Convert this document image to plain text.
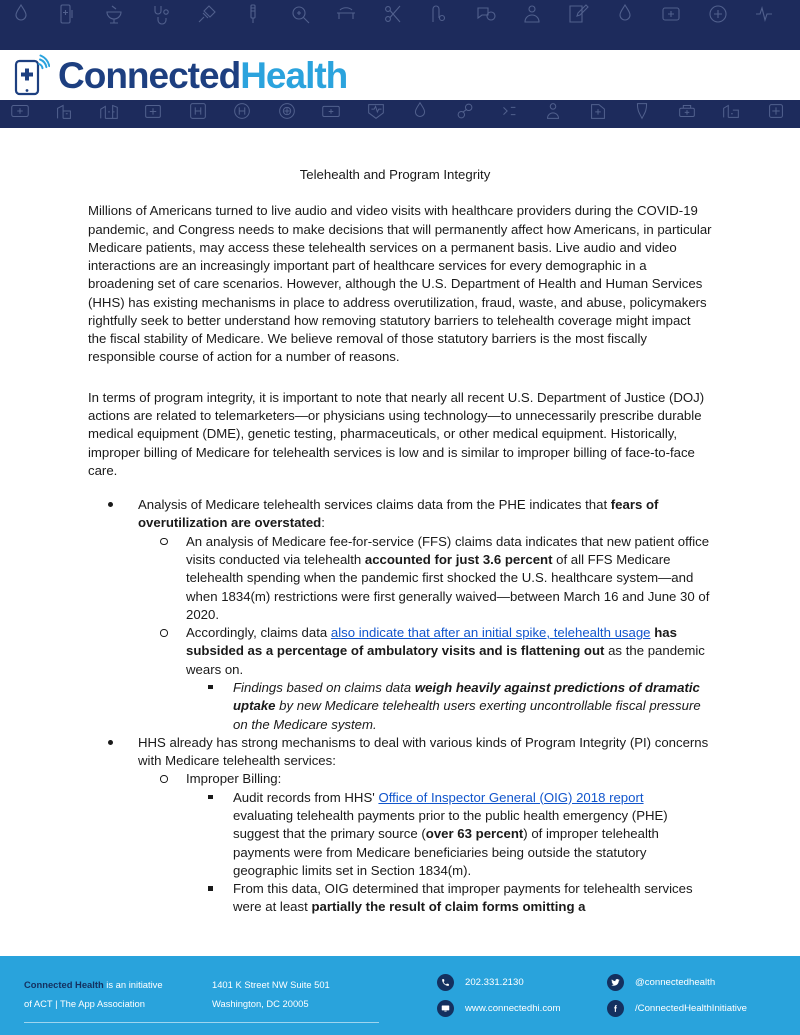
ConnectedHealth

Telehealth and Program Integrity

Millions of Americans turned to live audio and video visits with healthcare providers during the COVID-19 pandemic, and Congress needs to make decisions that will permanently affect how Americans, in particular Medicare patients, may access these telehealth services on a permanent basis. Live audio and video interactions are an increasingly important part of healthcare services for every demographic in a broadening set of care scenarios. However, although the U.S. Department of Health and Human Services (HHS) has existing mechanisms in place to address overutilization, fraud, waste, and abuse, policymakers rightfully seek to better understand how removing statutory barriers to telehealth coverage might impact the fiscal stability of Medicare. We believe removal of those statutory barriers is the most fiscally responsible course of action for a number of reasons.

In terms of program integrity, it is important to note that nearly all recent U.S. Department of Justice (DOJ) actions are related to telemarketers—or physicians using technology—to unnecessarily prescribe durable medical equipment (DME), genetic testing, pharmaceuticals, or other medical equipment. Historically, improper billing of Medicare for telehealth services is low and is similar to improper billing of face-to-face care.

Analysis of Medicare telehealth services claims data from the PHE indicates that fears of overutilization are overstated:
An analysis of Medicare fee-for-service (FFS) claims data indicates that new patient office visits conducted via telehealth accounted for just 3.6 percent of all FFS Medicare telehealth spending when the pandemic first shocked the U.S. healthcare system—and when 1834(m) restrictions were first generally waived—between March 16 and June 30 of 2020.
Accordingly, claims data also indicate that after an initial spike, telehealth usage has subsided as a percentage of ambulatory visits and is flattening out as the pandemic wears on.
Findings based on claims data weigh heavily against predictions of dramatic uptake by new Medicare telehealth users exerting uncontrollable fiscal pressure on the Medicare system.
HHS already has strong mechanisms to deal with various kinds of Program Integrity (PI) concerns with Medicare telehealth services:
Improper Billing:
Audit records from HHS' Office of Inspector General (OIG) 2018 report evaluating telehealth payments prior to the public health emergency (PHE) suggest that the primary source (over 63 percent) of improper telehealth payments were from Medicare beneficiaries being outside the statutory geographic limits set in Section 1834(m).
From this data, OIG determined that improper payments for telehealth services were at least partially the result of claim forms omitting a
Connected Health is an initiative
of ACT | The App Association
1401 K Street NW Suite 501
Washington, DC 20005
202.331.2130
www.connectedhi.com
@connectedhealth
/ConnectedHealthInitiative
